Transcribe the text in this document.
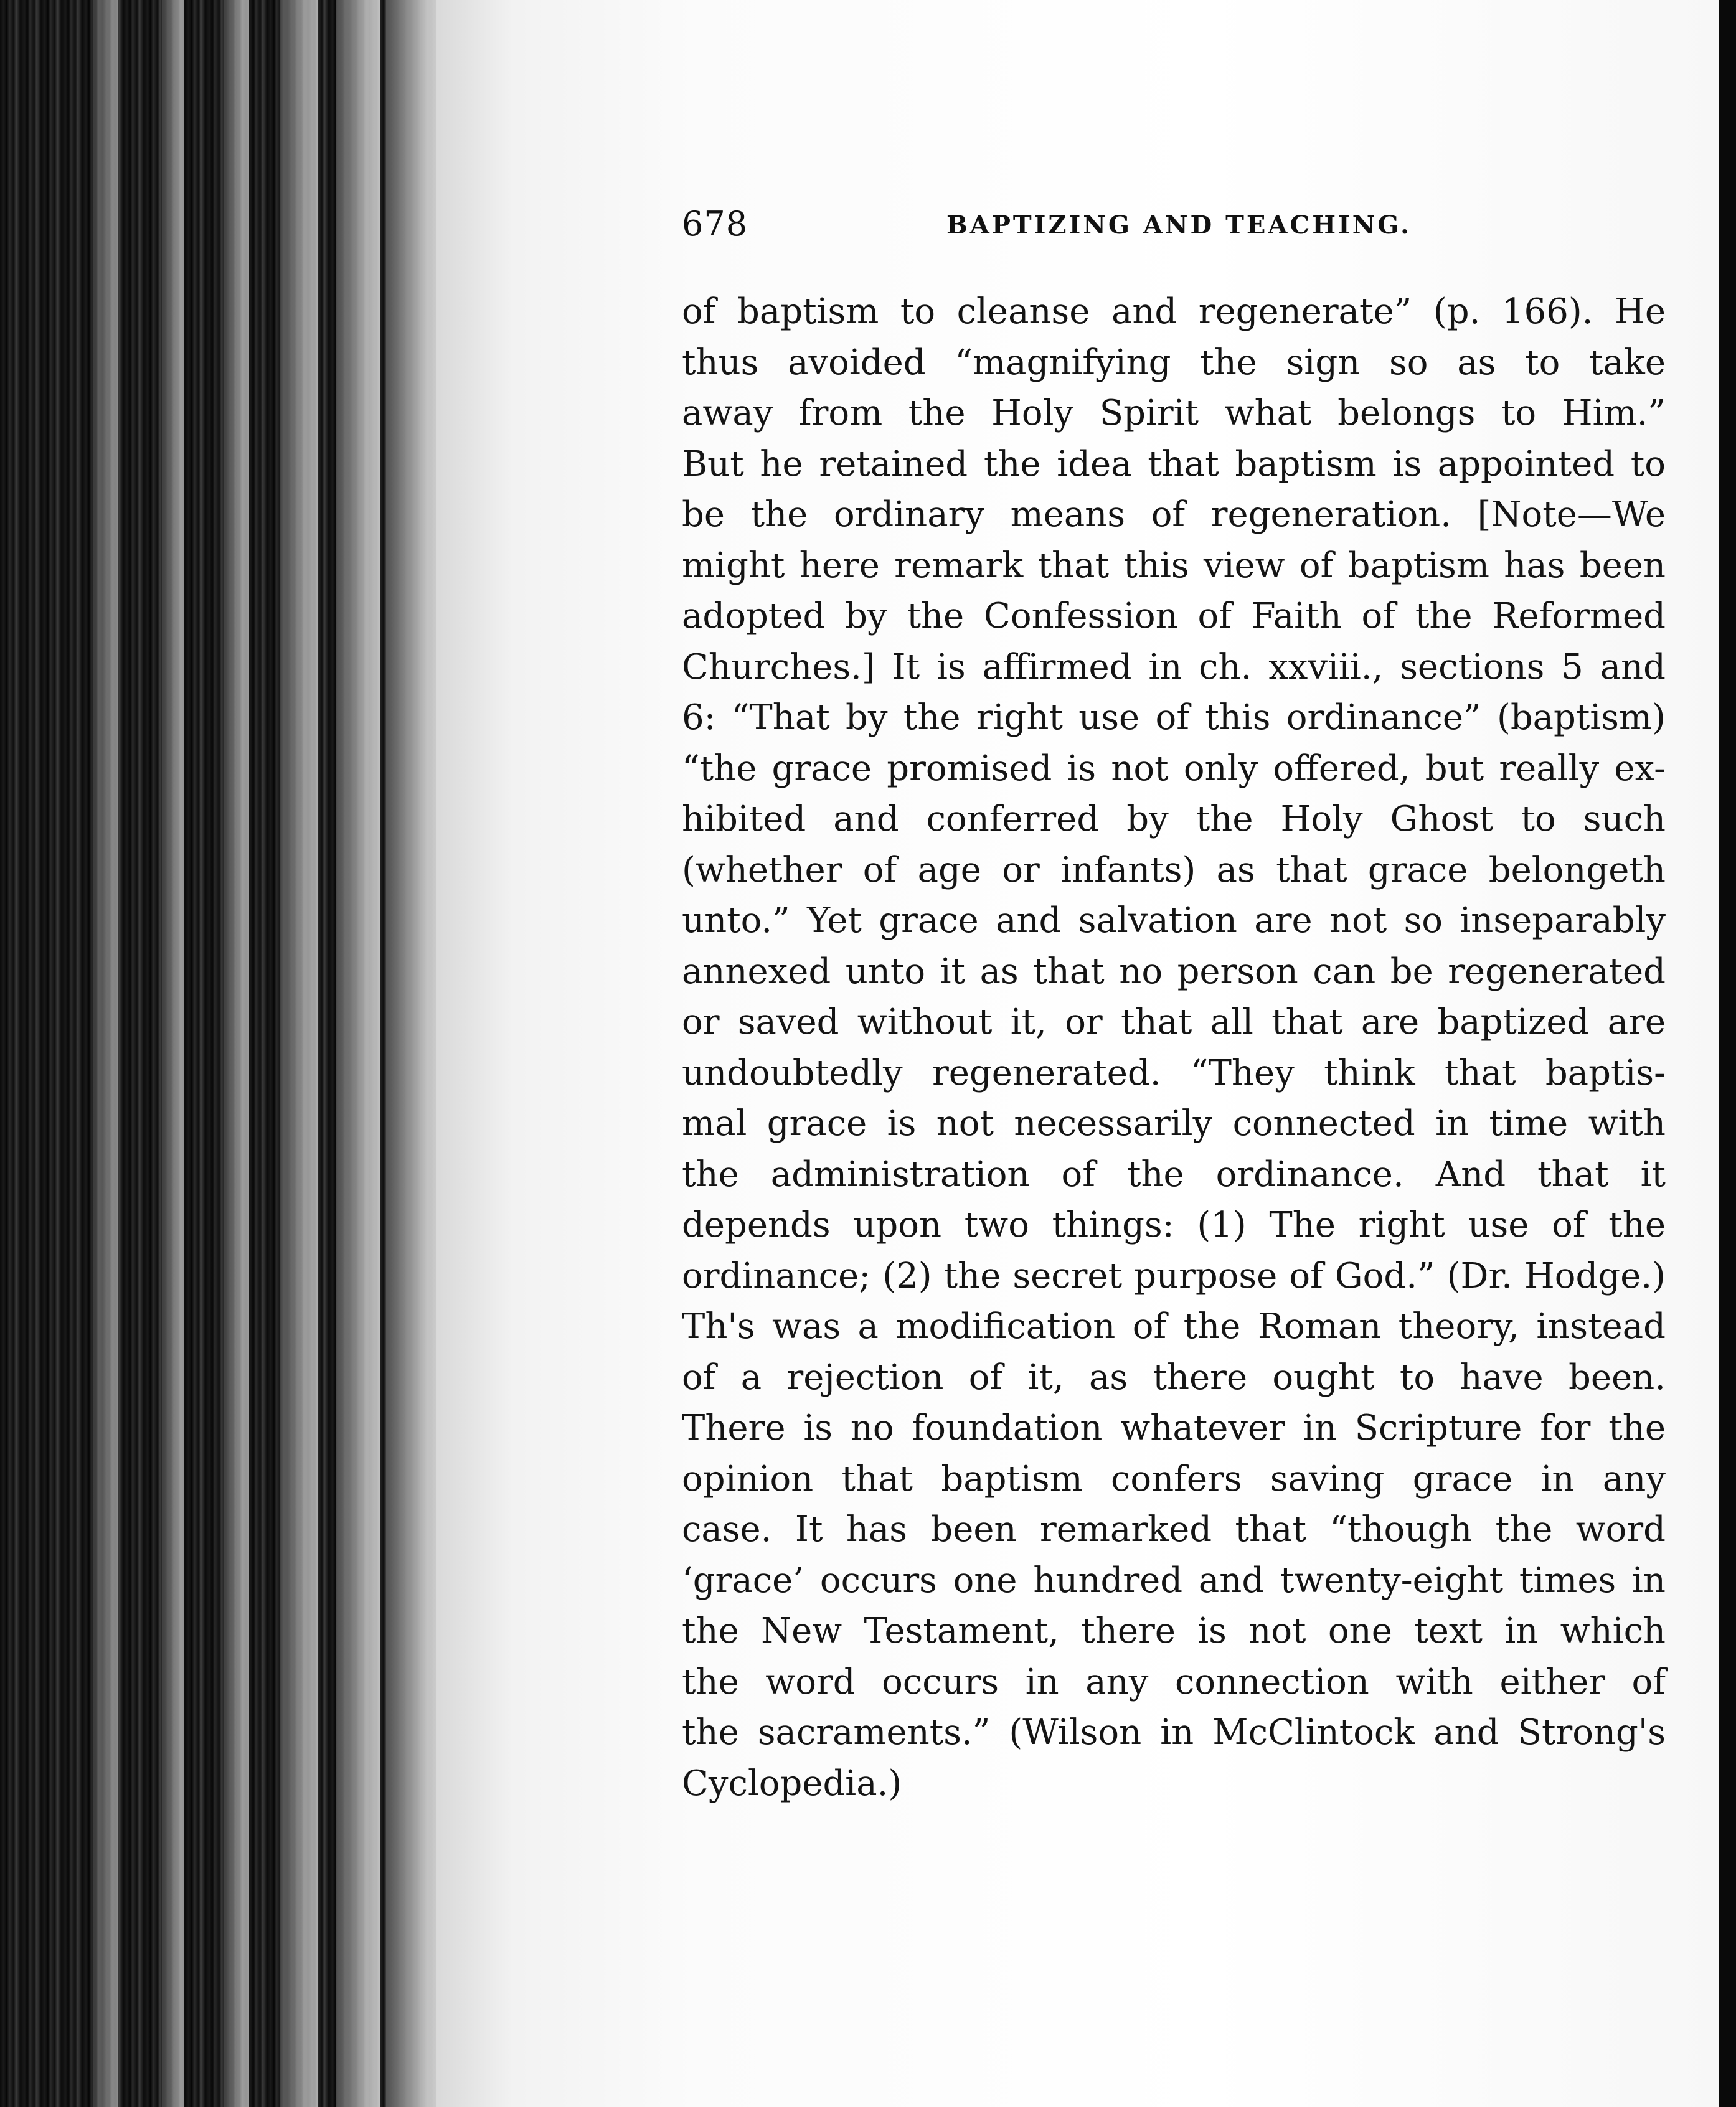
678	BAPTIZING AND TEACHING.
of baptism to cleanse and regenerate” (p. 166). He
thus avoided “magnifying the sign so as to take
away from the Holy Spirit what belongs to Him.”
But he retained the idea that baptism is appointed to
be the ordinary means of regeneration. [Note—We
might here remark that this view of baptism has been
adopted by the Confession of Faith of the Reformed
Churches.] It is affirmed in ch. xxviii., sections 5 and
6: “That by the right use of this ordinance” (baptism)
“the grace promised is not only offered, but really ex-
hibited and conferred by the Holy Ghost to such
(whether of age or infants) as that grace belongeth
unto.” Yet grace and salvation are not so inseparably
annexed unto it as that no person can be regenerated
or saved without it, or that all that are baptized are
undoubtedly regenerated. “They think that baptis-
mal grace is not necessarily connected in time with
the administration of the ordinance. And that it
depends upon two things: (1) The right use of the
ordinance; (2) the secret purpose of God.” (Dr. Hodge.)
Th's was a modification of the Roman theory, instead
of a rejection of it, as there ought to have been.
There is no foundation whatever in Scripture for the
opinion that baptism confers saving grace in any
case. It has been remarked that “though the word
‘grace’ occurs one hundred and twenty-eight times in
the New Testament, there is not one text in which
the word occurs in any connection with either of
the sacraments.” (Wilson in McClintock and Strong's
Cyclopedia.)
